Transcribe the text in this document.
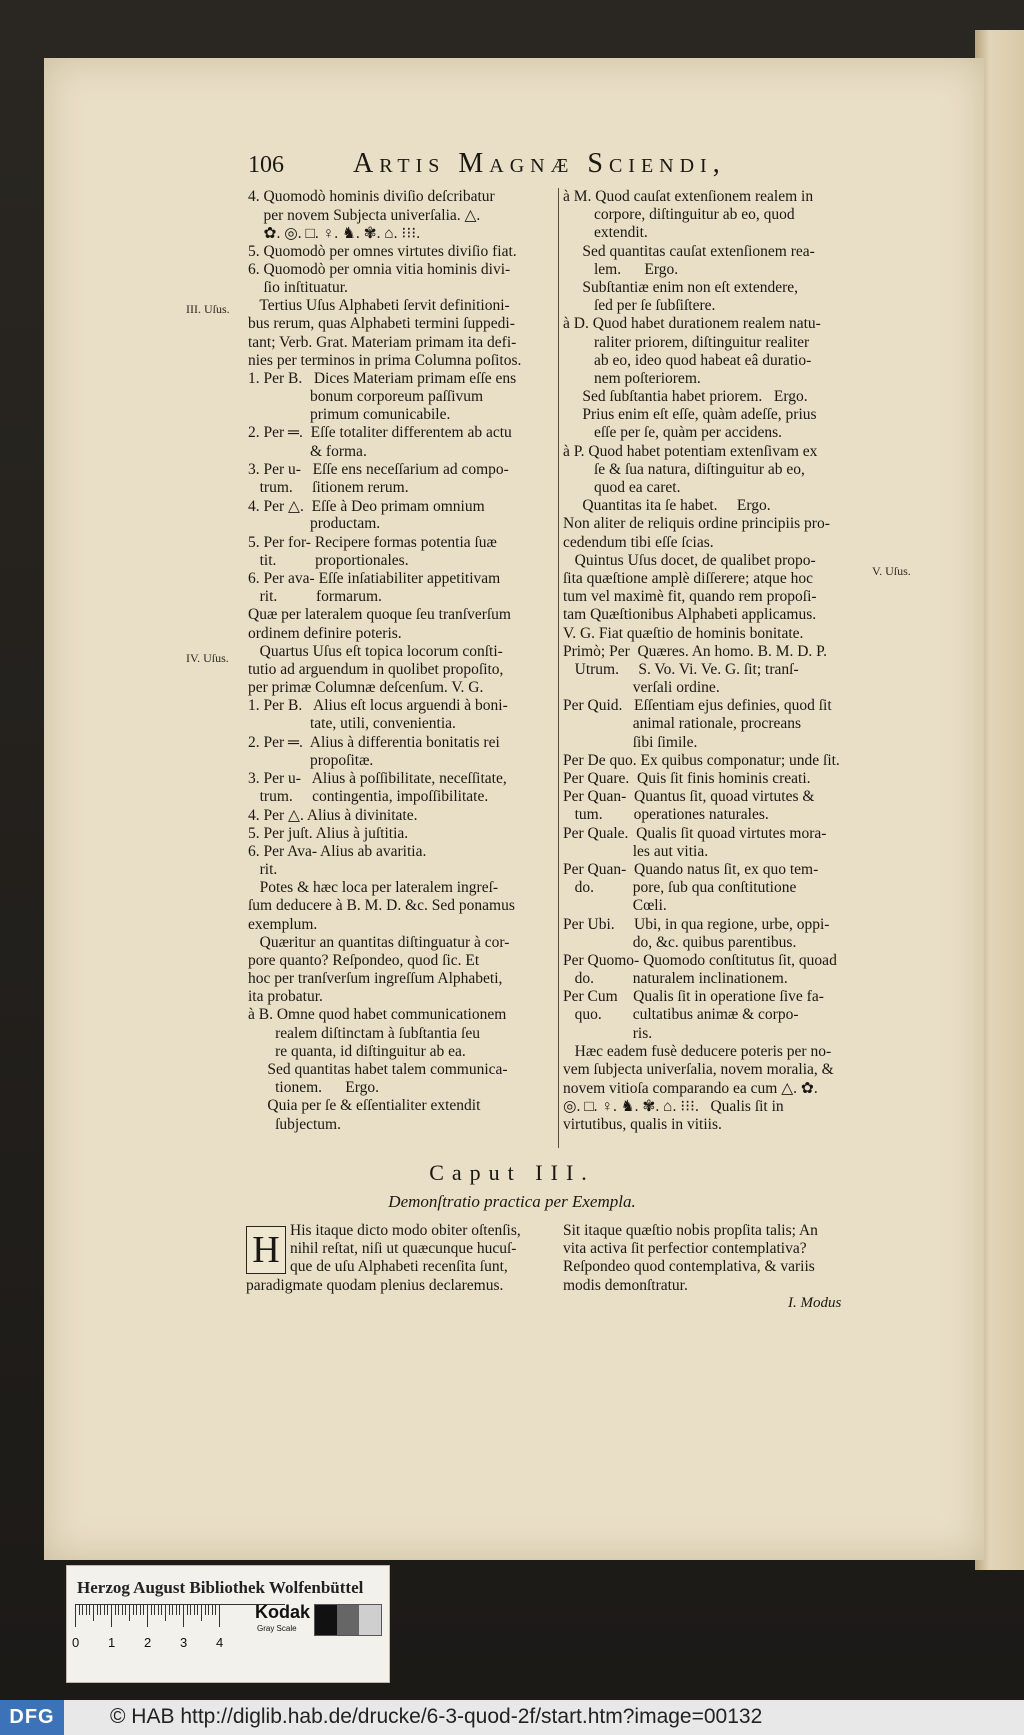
106 Artis Magnæ Sciendi,
4. Quomodò hominis diviſio deſcribatur
per novem Subjecta univerſalia. △.
✿. ◎. □. ♀. ♞. ✾. ⌂. ⁝⁝⁝.
5. Quomodò per omnes virtutes diviſio fiat.
6. Quomodò per omnia vitia hominis divi-
ſio inſtituatur.
Tertius Uſus Alphabeti ſervit definitioni-
bus rerum, quas Alphabeti termini ſuppedi-
tant; Verb. Grat. Materiam primam ita defi-
nies per terminos in prima Columna poſitos.
1. Per B.   Dices Materiam primam eſſe ens
bonum corporeum paſſivum
primum comunicabile.
2. Per ═.  Eſſe totaliter differentem ab actu
& forma.
3. Per u-   Eſſe ens neceſſarium ad compo-
trum.     ſitionem rerum.
4. Per △.  Eſſe à Deo primam omnium
productam.
5. Per for- Recipere formas potentia ſuæ
tit.          proportionales.
6. Per ava- Eſſe inſatiabiliter appetitivam
rit.          formarum.
Quæ per lateralem quoque ſeu tranſverſum
ordinem definire poteris.
Quartus Uſus eſt topica locorum conſti-
tutio ad arguendum in quolibet propoſito,
per primæ Columnæ deſcenſum. V. G.
1. Per B.   Alius eſt locus arguendi à boni-
tate, utili, convenientia.
2. Per ═.  Alius à differentia bonitatis rei
propoſitæ.
3. Per u-   Alius à poſſibilitate, neceſſitate,
trum.     contingentia, impoſſibilitate.
4. Per △. Alius à divinitate.
5. Per juſt. Alius à juſtitia.
6. Per Ava- Alius ab avaritia.
rit.
Potes & hæc loca per lateralem ingreſ-
ſum deducere à B. M. D. &c. Sed ponamus
exemplum.
Quæritur an quantitas diſtinguatur à cor-
pore quanto? Reſpondeo, quod ſic. Et
hoc per tranſverſum ingreſſum Alphabeti,
ita probatur.
à B. Omne quod habet communicationem
realem diſtinctam à ſubſtantia ſeu
re quanta, id diſtinguitur ab ea.
Sed quantitas habet talem communica-
tionem.      Ergo.
Quia per ſe & eſſentialiter extendit
ſubjectum.
à M. Quod cauſat extenſionem realem in
corpore, diſtinguitur ab eo, quod
extendit.
Sed quantitas cauſat extenſionem rea-
lem.      Ergo.
Subſtantiæ enim non eſt extendere,
ſed per ſe ſubſiſtere.
à D. Quod habet durationem realem natu-
raliter priorem, diſtinguitur realiter
ab eo, ideo quod habeat eâ duratio-
nem poſteriorem.
Sed ſubſtantia habet priorem.   Ergo.
Prius enim eſt eſſe, quàm adeſſe, prius
eſſe per ſe, quàm per accidens.
à P. Quod habet potentiam extenſivam ex
ſe & ſua natura, diſtinguitur ab eo,
quod ea caret.
Quantitas ita ſe habet.     Ergo.
Non aliter de reliquis ordine principiis pro-
cedendum tibi eſſe ſcias.
Quintus Uſus docet, de qualibet propo-
ſita quæſtione amplè diſſerere; atque hoc
tum vel maximè fit, quando rem propoſi-
tam Quæſtionibus Alphabeti applicamus.
V. G. Fiat quæſtio de hominis bonitate.
Primò; Per  Quæres. An homo. B. M. D. P.
Utrum.     S. Vo. Vi. Ve. G. ſit; tranſ-
verſali ordine.
Per Quid.   Eſſentiam ejus definies, quod ſit
animal rationale, procreans
ſibi ſimile.
Per De quo. Ex quibus componatur; unde ſit.
Per Quare.  Quis ſit finis hominis creati.
Per Quan-  Quantus ſit, quoad virtutes &
tum.        operationes naturales.
Per Quale.  Qualis ſit quoad virtutes mora-
les aut vitia.
Per Quan-  Quando natus ſit, ex quo tem-
do.          pore, ſub qua conſtitutione
Cœli.
Per Ubi.     Ubi, in qua regione, urbe, oppi-
do, &c. quibus parentibus.
Per Quomo- Quomodo conſtitutus ſit, quoad
do.          naturalem inclinationem.
Per Cum    Qualis ſit in operatione ſive fa-
quo.        cultatibus animæ & corpo-
ris.
Hæc eadem fusè deducere poteris per no-
vem ſubjecta univerſalia, novem moralia, &
novem vitioſa comparando ea cum △. ✿.
◎. □. ♀. ♞. ✾. ⌂. ⁝⁝⁝.   Qualis ſit in
virtutibus, qualis in vitiis.
III. Uſus.
IV. Uſus.
V. Uſus.
Caput III.
Demonſtratio practica per Exempla.
H His itaque dicto modo obiter oſtenſis,
nihil reſtat, niſi ut quæcunque hucuſ-
que de uſu Alphabeti recenſita ſunt,
paradigmate quodam plenius declaremus.
Sit itaque quæſtio nobis propſita talis; An
vita activa ſit perfectior contemplativa?
Reſpondeo quod contemplativa, & variis
modis demonſtratur.
I. Modus
Herzog August Bibliothek Wolfenbüttel
0 1 2 3 4
Kodak
Gray Scale
DFG	© HAB http://diglib.hab.de/drucke/6-3-quod-2f/start.htm?image=00132
